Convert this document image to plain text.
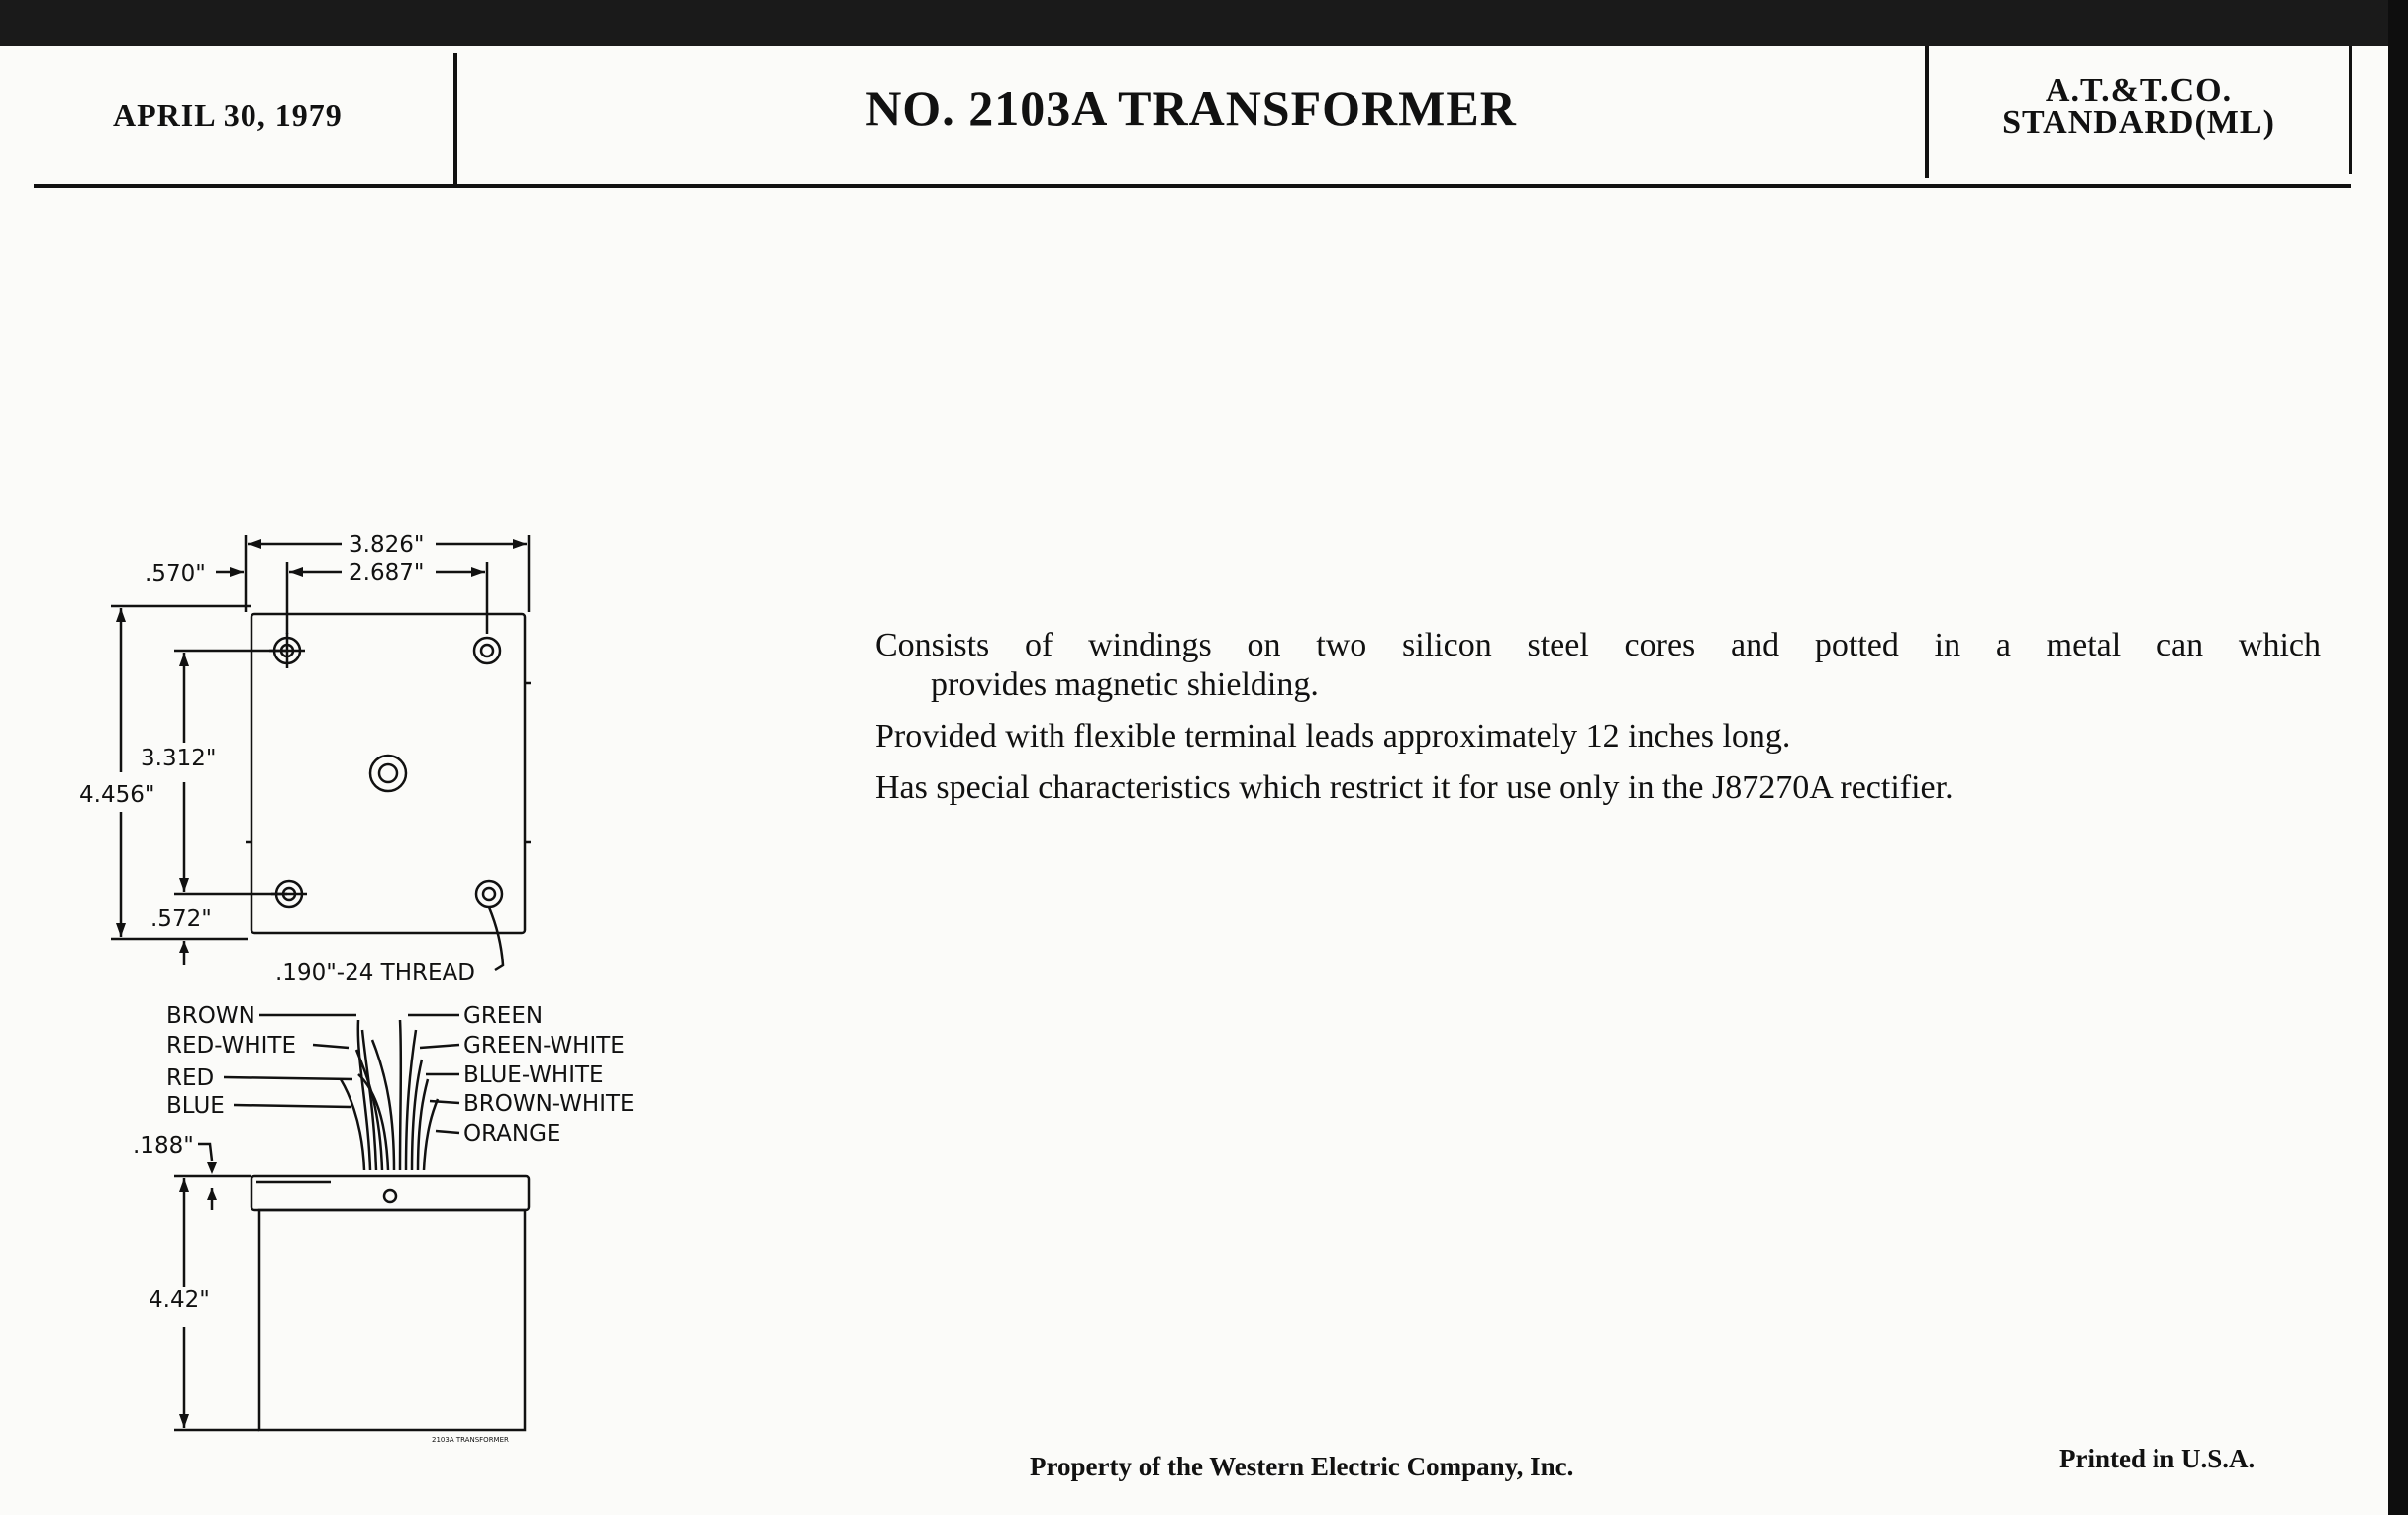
APRIL 30, 1979	NO. 2103A TRANSFORMER	A.T.&T.CO.
STANDARD(ML)

Consists of windings on two silicon steel cores and potted in a metal can which
provides magnetic shielding.

Provided with flexible terminal leads approximately 12 inches long.

Has special characteristics which restrict it for use only in the J87270A rectifier.

3.826"
2.687"
.570"
4.456"
3.312"
.572"
.190"-24 THREAD
BROWN
RED-WHITE
RED
BLUE
GREEN
GREEN-WHITE
BLUE-WHITE
BROWN-WHITE
ORANGE
.188"
4.42"
2103A TRANSFORMER
Property of the Western Electric Company, Inc.	Printed in U.S.A.
